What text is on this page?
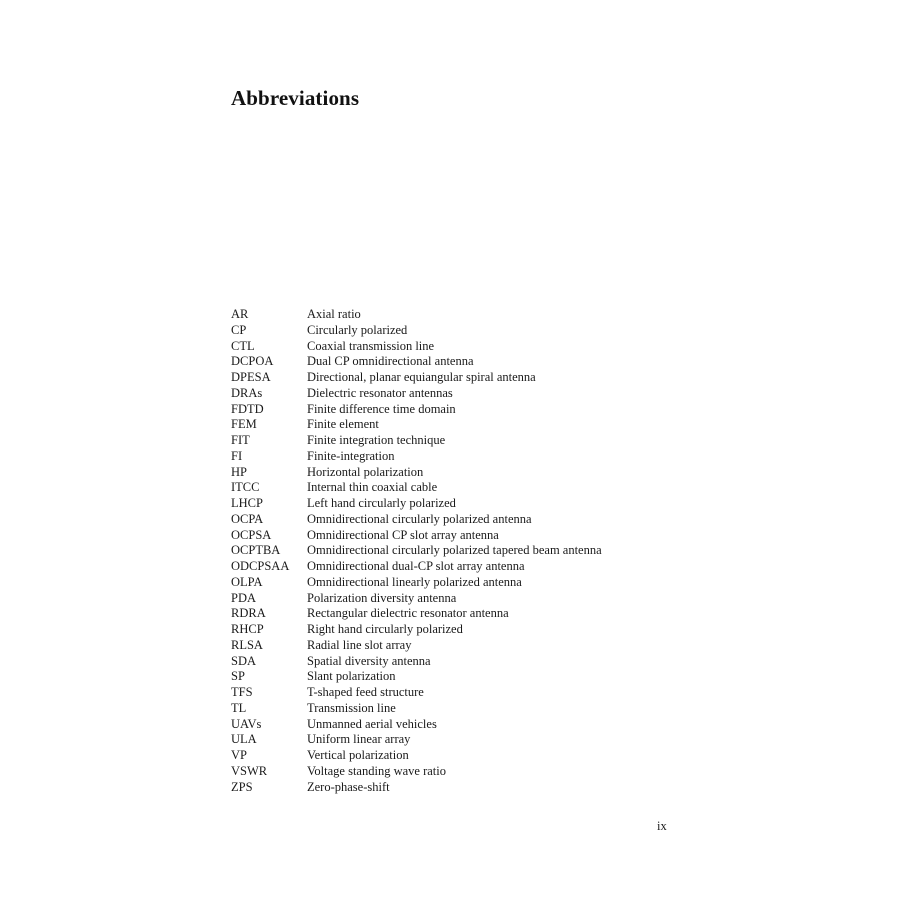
Abbreviations
AR	Axial ratio
CP	Circularly polarized
CTL	Coaxial transmission line
DCPOA	Dual CP omnidirectional antenna
DPESA	Directional, planar equiangular spiral antenna
DRAs	Dielectric resonator antennas
FDTD	Finite difference time domain
FEM	Finite element
FIT	Finite integration technique
FI	Finite-integration
HP	Horizontal polarization
ITCC	Internal thin coaxial cable
LHCP	Left hand circularly polarized
OCPA	Omnidirectional circularly polarized antenna
OCPSA	Omnidirectional CP slot array antenna
OCPTBA	Omnidirectional circularly polarized tapered beam antenna
ODCPSAA	Omnidirectional dual-CP slot array antenna
OLPA	Omnidirectional linearly polarized antenna
PDA	Polarization diversity antenna
RDRA	Rectangular dielectric resonator antenna
RHCP	Right hand circularly polarized
RLSA	Radial line slot array
SDA	Spatial diversity antenna
SP	Slant polarization
TFS	T-shaped feed structure
TL	Transmission line
UAVs	Unmanned aerial vehicles
ULA	Uniform linear array
VP	Vertical polarization
VSWR	Voltage standing wave ratio
ZPS	Zero-phase-shift
ix
